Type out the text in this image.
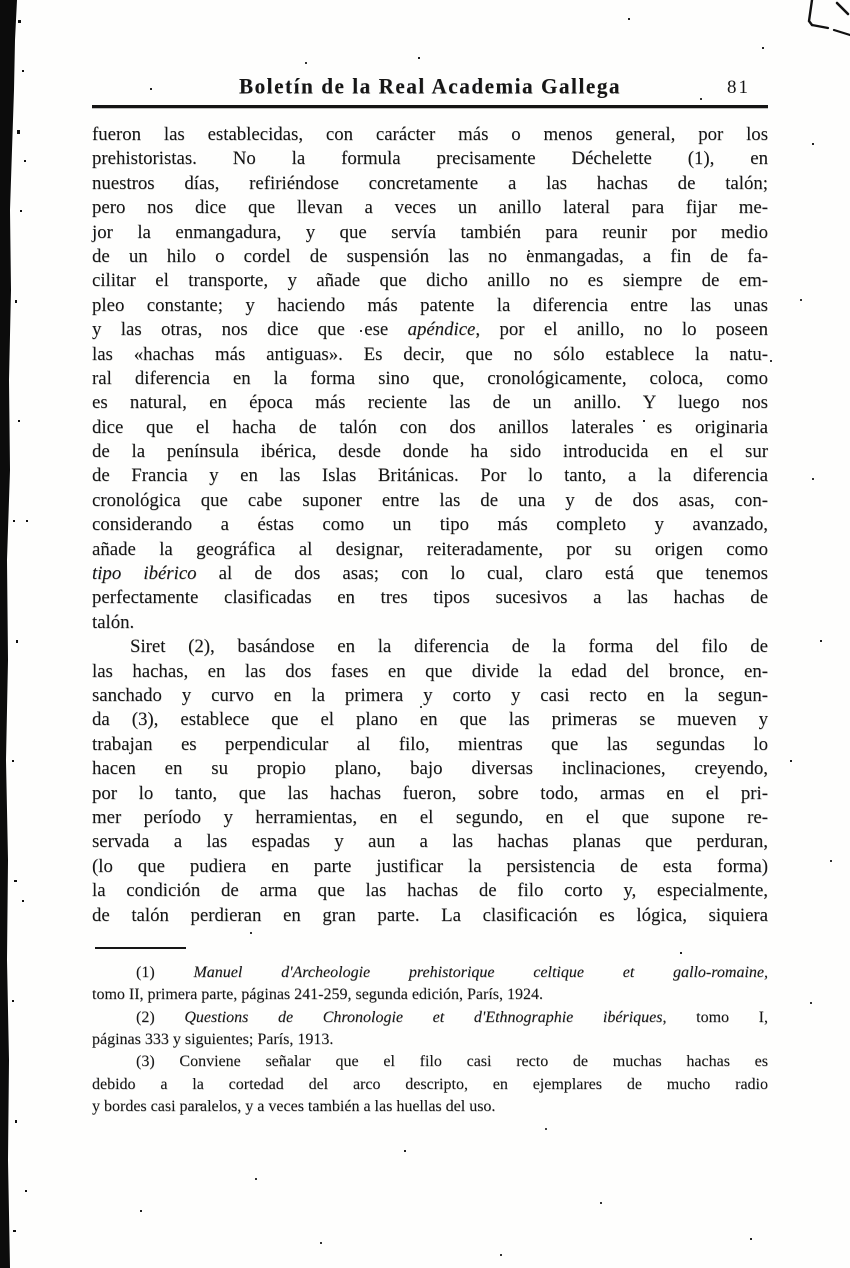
Boletín de la Real Academia Gallega	81
fueron las establecidas, con carácter más o menos general, por los
prehistoristas. No la formula precisamente Déchelette (1), en
nuestros días, refiriéndose concretamente a las hachas de talón;
pero nos dice que llevan a veces un anillo lateral para fijar me-
jor la enmangadura, y que servía también para reunir por medio
de un hilo o cordel de suspensión las no enmangadas, a fin de fa-
cilitar el transporte, y añade que dicho anillo no es siempre de em-
pleo constante; y haciendo más patente la diferencia entre las unas
y las otras, nos dice que ese apéndice, por el anillo, no lo poseen
las «hachas más antiguas». Es decir, que no sólo establece la natu-
ral diferencia en la forma sino que, cronológicamente, coloca, como
es natural, en época más reciente las de un anillo. Y luego nos
dice que el hacha de talón con dos anillos laterales es originaria
de la península ibérica, desde donde ha sido introducida en el sur
de Francia y en las Islas Británicas. Por lo tanto, a la diferencia
cronológica que cabe suponer entre las de una y de dos asas, con-
considerando a éstas como un tipo más completo y avanzado,
añade la geográfica al designar, reiteradamente, por su origen como
tipo ibérico al de dos asas; con lo cual, claro está que tenemos
perfectamente clasificadas en tres tipos sucesivos a las hachas de
talón.
Siret (2), basándose en la diferencia de la forma del filo de
las hachas, en las dos fases en que divide la edad del bronce, en-
sanchado y curvo en la primera y corto y casi recto en la segun-
da (3), establece que el plano en que las primeras se mueven y
trabajan es perpendicular al filo, mientras que las segundas lo
hacen en su propio plano, bajo diversas inclinaciones, creyendo,
por lo tanto, que las hachas fueron, sobre todo, armas en el pri-
mer período y herramientas, en el segundo, en el que supone re-
servada a las espadas y aun a las hachas planas que perduran,
(lo que pudiera en parte justificar la persistencia de esta forma)
la condición de arma que las hachas de filo corto y, especialmente,
de talón perdieran en gran parte. La clasificación es lógica, siquiera
(1) Manuel d'Archeologie prehistorique celtique et gallo-romaine,
tomo II, primera parte, páginas 241-259, segunda edición, París, 1924.
(2) Questions de Chronologie et d'Ethnographie ibériques, tomo I,
páginas 333 y siguientes; París, 1913.
(3) Conviene señalar que el filo casi recto de muchas hachas es
debido a la cortedad del arco descripto, en ejemplares de mucho radio
y bordes casi paralelos, y a veces también a las huellas del uso.
